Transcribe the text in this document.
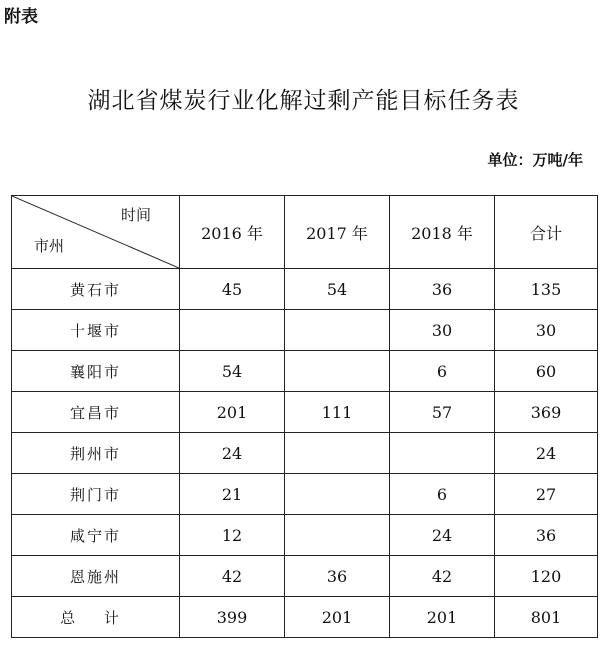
附表
湖北省煤炭行业化解过剩产能目标任务表
单位：万吨/年
时间
市州	2016 年	2017 年	2018 年	合计
黄石市	45	54	36	135
十堰市			30	30
襄阳市	54		6	60
宜昌市	201	111	57	369
荆州市	24			24
荆门市	21		6	27
咸宁市	12		24	36
恩施州	42	36	42	120
总 计	399	201	201	801
